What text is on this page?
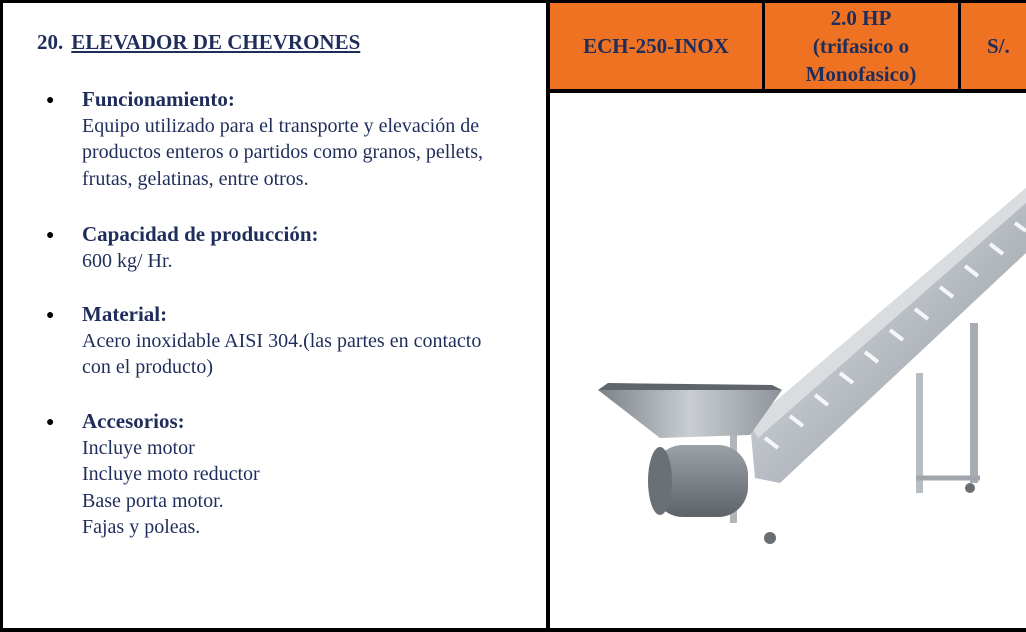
20. ELEVADOR DE CHEVRONES
● Funcionamiento:
Equipo utilizado para el transporte y elevación de
productos enteros o partidos como granos, pellets,
frutas, gelatinas, entre otros.
● Capacidad de producción:
600 kg/ Hr.
● Material:
Acero inoxidable AISI 304.(las partes en contacto
con el producto)
● Accesorios:
Incluye motor
Incluye moto reductor
Base porta motor.
Fajas y poleas.
ECH-250-INOX
2.0 HP
(trifasico o
Monofasico)
S/.
